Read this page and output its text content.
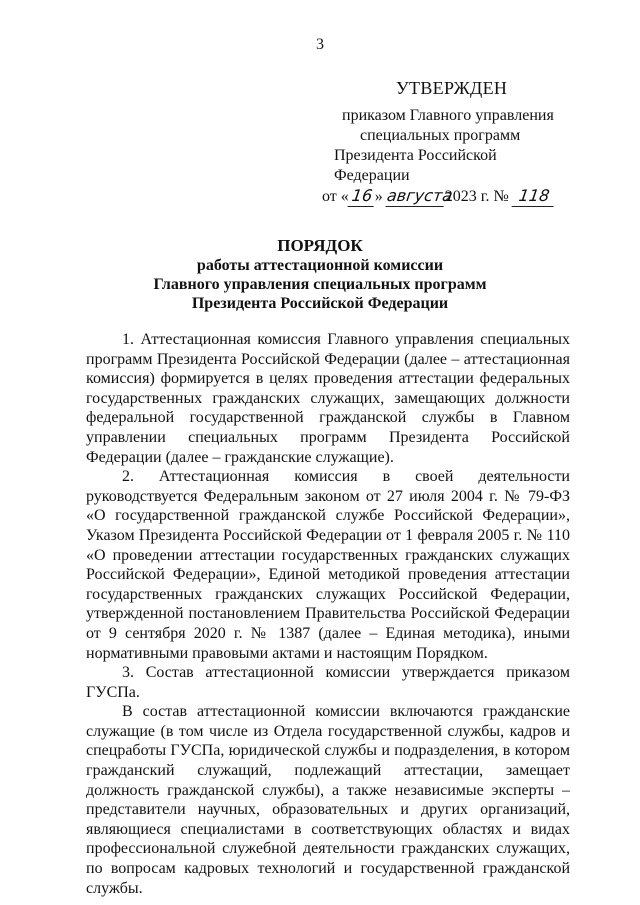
3
УТВЕРЖДЕН
приказом Главного управления
специальных программ
Президента Российской Федерации
от « 16» августа2023 г. № 118
ПОРЯДОК
работы аттестационной комиссии
Главного управления специальных программ
Президента Российской Федерации

1. Аттестационная комиссия Главного управления специальных программ Президента Российской Федерации (далее – аттестационная комиссия) формируется в целях проведения аттестации федеральных государственных гражданских служащих, замещающих должности федеральной государственной гражданской службы в Главном управлении специальных программ Президента Российской Федерации (далее – гражданские служащие).

2. Аттестационная комиссия в своей деятельности руководствуется Федеральным законом от 27 июля 2004 г. № 79-ФЗ «О государственной гражданской службе Российской Федерации», Указом Президента Российской Федерации от 1 февраля 2005 г. № 110 «О проведении аттестации государственных гражданских служащих Российской Федерации», Единой методикой проведения аттестации государственных гражданских служащих Российской Федерации, утвержденной постановлением Правительства Российской Федерации от 9 сентября 2020 г. № 1387 (далее – Единая методика), иными нормативными правовыми актами и настоящим Порядком.

3. Состав аттестационной комиссии утверждается приказом ГУСПа.

В состав аттестационной комиссии включаются гражданские служащие (в том числе из Отдела государственной службы, кадров и спецработы ГУСПа, юридической службы и подразделения, в котором гражданский служащий, подлежащий аттестации, замещает должность гражданской службы), а также независимые эксперты – представители научных, образовательных и других организаций, являющиеся специалистами в соответствующих областях и видах профессиональной служебной деятельности гражданских служащих, по вопросам кадровых технологий и государственной гражданской службы.
